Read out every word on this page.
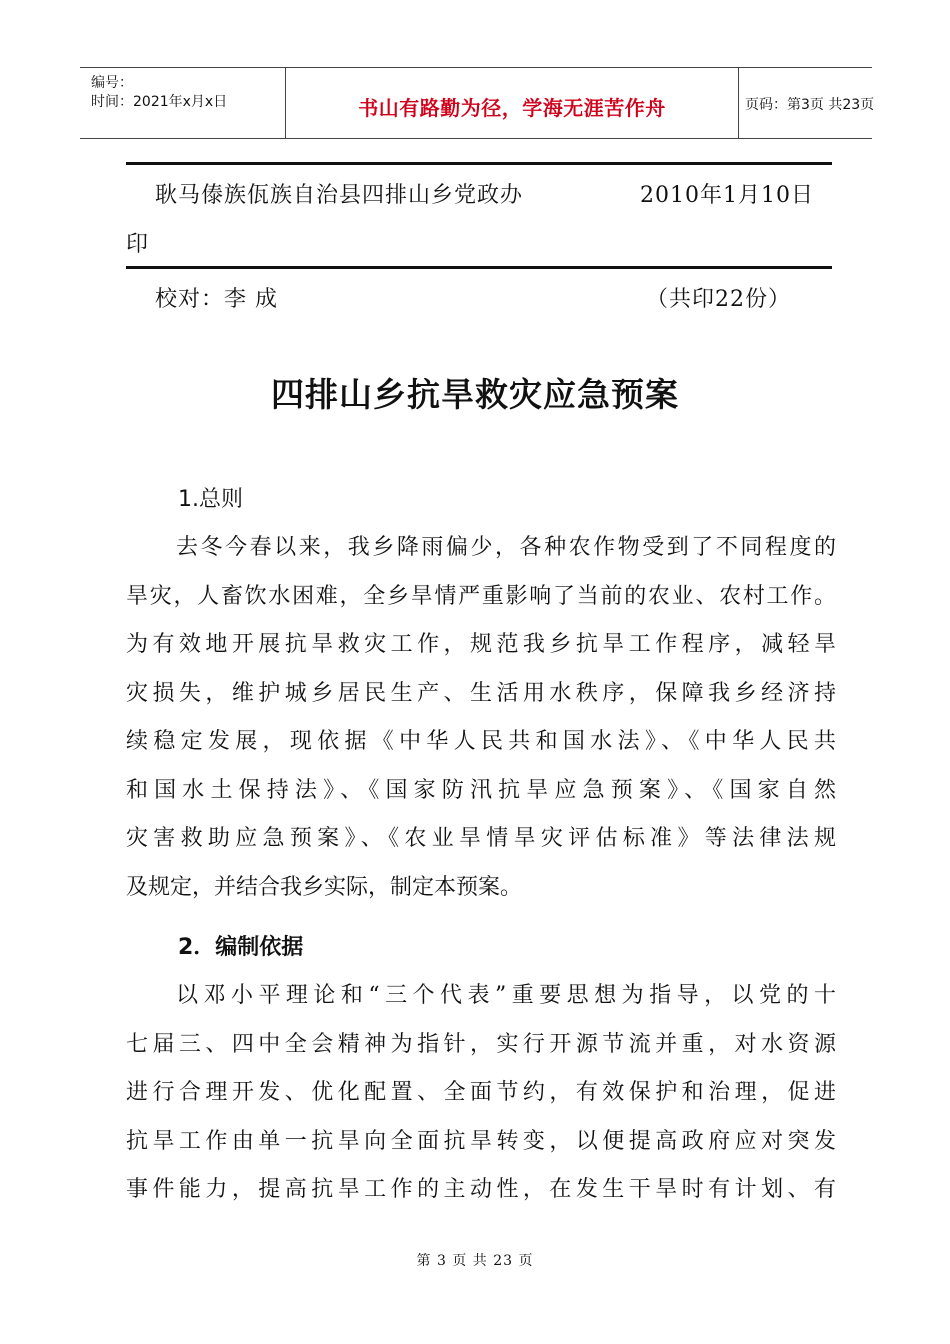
编号：
时间：2021年x月x日	书山有路勤为径，学海无涯苦作舟	页码：第3页 共23页
耿马傣族佤族自治县四排山乡党政办	2010年1月10日
印
校对：李 成	（共印22份）
四排山乡抗旱救灾应急预案
1.总则
去冬今春以来，我乡降雨偏少，各种农作物受到了不同程度的
旱灾，人畜饮水困难，全乡旱情严重影响了当前的农业、农村工作。
为有效地开展抗旱救灾工作，规范我乡抗旱工作程序，减轻旱
灾损失，维护城乡居民生产、生活用水秩序，保障我乡经济持
续稳定发展，现依据《中华人民共和国水法》、《中华人民共
和国水土保持法》、《国家防汛抗旱应急预案》、《国家自然
灾害救助应急预案》、《农业旱情旱灾评估标准》等法律法规
及规定，并结合我乡实际，制定本预案。
2．编制依据
以邓小平理论和“三个代表”重要思想为指导，以党的十
七届三、四中全会精神为指针，实行开源节流并重，对水资源
进行合理开发、优化配置、全面节约，有效保护和治理，促进
抗旱工作由单一抗旱向全面抗旱转变，以便提高政府应对突发
事件能力，提高抗旱工作的主动性，在发生干旱时有计划、有
第 3 页 共 23 页
